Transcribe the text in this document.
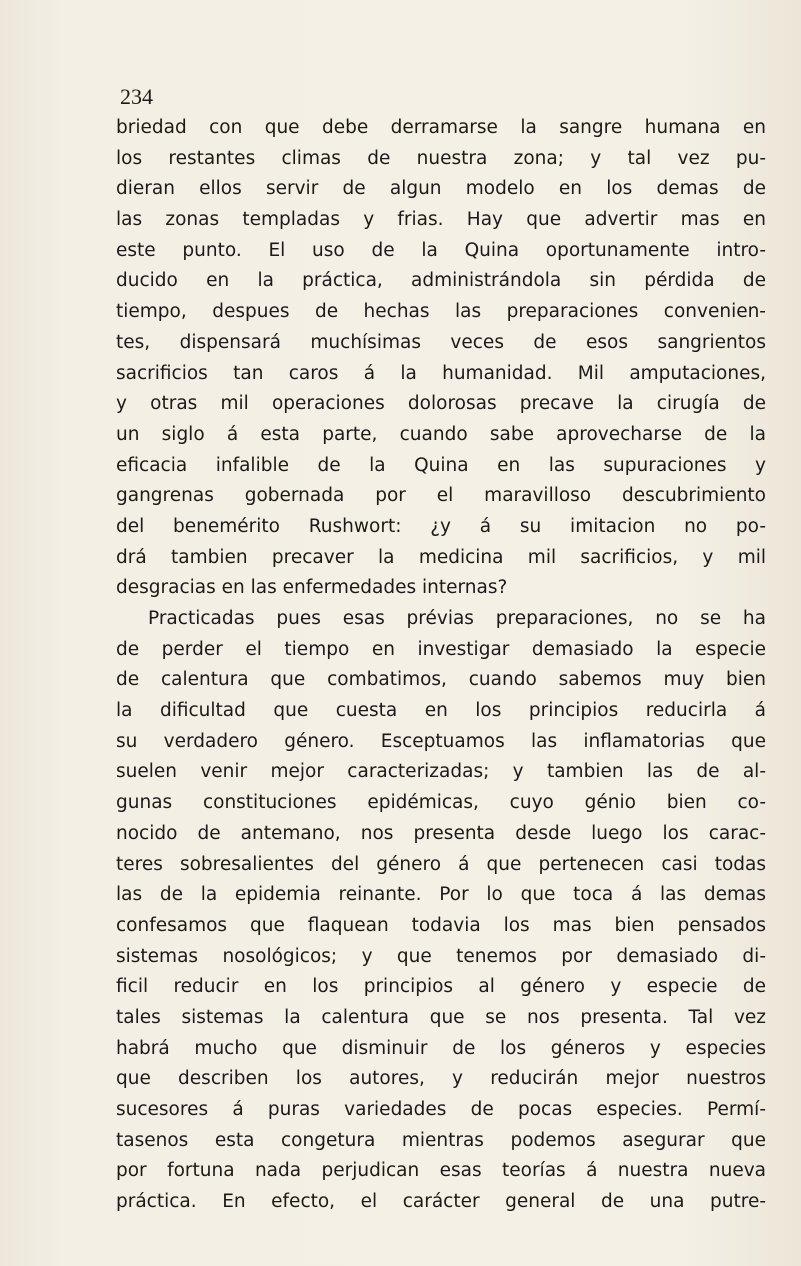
234
briedad con que debe derramarse la sangre humana en
los restantes climas de nuestra zona; y tal vez pu-
dieran ellos servir de algun modelo en los demas de
las zonas templadas y frias. Hay que advertir mas en
este punto. El uso de la Quina oportunamente intro-
ducido en la práctica, administrándola sin pérdida de
tiempo, despues de hechas las preparaciones convenien-
tes, dispensará muchísimas veces de esos sangrientos
sacrificios tan caros á la humanidad. Mil amputaciones,
y otras mil operaciones dolorosas precave la cirugía de
un siglo á esta parte, cuando sabe aprovecharse de la
eficacia infalible de la Quina en las supuraciones y
gangrenas gobernada por el maravilloso descubrimiento
del benemérito Rushwort: ¿y á su imitacion no po-
drá tambien precaver la medicina mil sacrificios, y mil
desgracias en las enfermedades internas?
Practicadas pues esas prévias preparaciones, no se ha
de perder el tiempo en investigar demasiado la especie
de calentura que combatimos, cuando sabemos muy bien
la dificultad que cuesta en los principios reducirla á
su verdadero género. Esceptuamos las inflamatorias que
suelen venir mejor caracterizadas; y tambien las de al-
gunas constituciones epidémicas, cuyo génio bien co-
nocido de antemano, nos presenta desde luego los carac-
teres sobresalientes del género á que pertenecen casi todas
las de la epidemia reinante. Por lo que toca á las demas
confesamos que flaquean todavia los mas bien pensados
sistemas nosológicos; y que tenemos por demasiado di-
ficil reducir en los principios al género y especie de
tales sistemas la calentura que se nos presenta. Tal vez
habrá mucho que disminuir de los géneros y especies
que describen los autores, y reducirán mejor nuestros
sucesores á puras variedades de pocas especies. Permí-
tasenos esta congetura mientras podemos asegurar que
por fortuna nada perjudican esas teorías á nuestra nueva
práctica. En efecto, el carácter general de una putre-
